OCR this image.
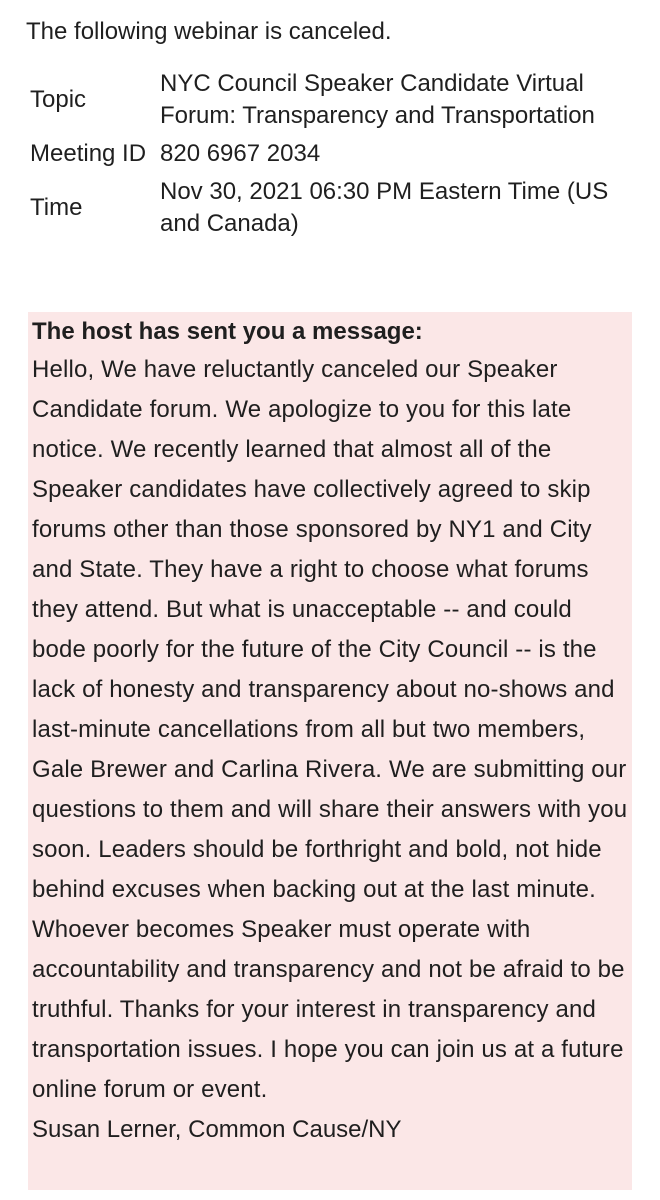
The following webinar is canceled.
Topic
NYC Council Speaker Candidate Virtual Forum: Transparency and Transportation
Meeting ID 820 6967 2034
Time
Nov 30, 2021 06:30 PM Eastern Time (US and Canada)

The host has sent you a message:

Hello, We have reluctantly canceled our Speaker Candidate forum. We apologize to you for this late notice. We recently learned that almost all of the Speaker candidates have collectively agreed to skip forums other than those sponsored by NY1 and City and State. They have a right to choose what forums they attend. But what is unacceptable -- and could bode poorly for the future of the City Council -- is the lack of honesty and transparency about no-shows and last-minute cancellations from all but two members, Gale Brewer and Carlina Rivera. We are submitting our questions to them and will share their answers with you soon. Leaders should be forthright and bold, not hide behind excuses when backing out at the last minute. Whoever becomes Speaker must operate with accountability and transparency and not be afraid to be truthful. Thanks for your interest in transparency and transportation issues. I hope you can join us at a future online forum or event.

Susan Lerner, Common Cause/NY
